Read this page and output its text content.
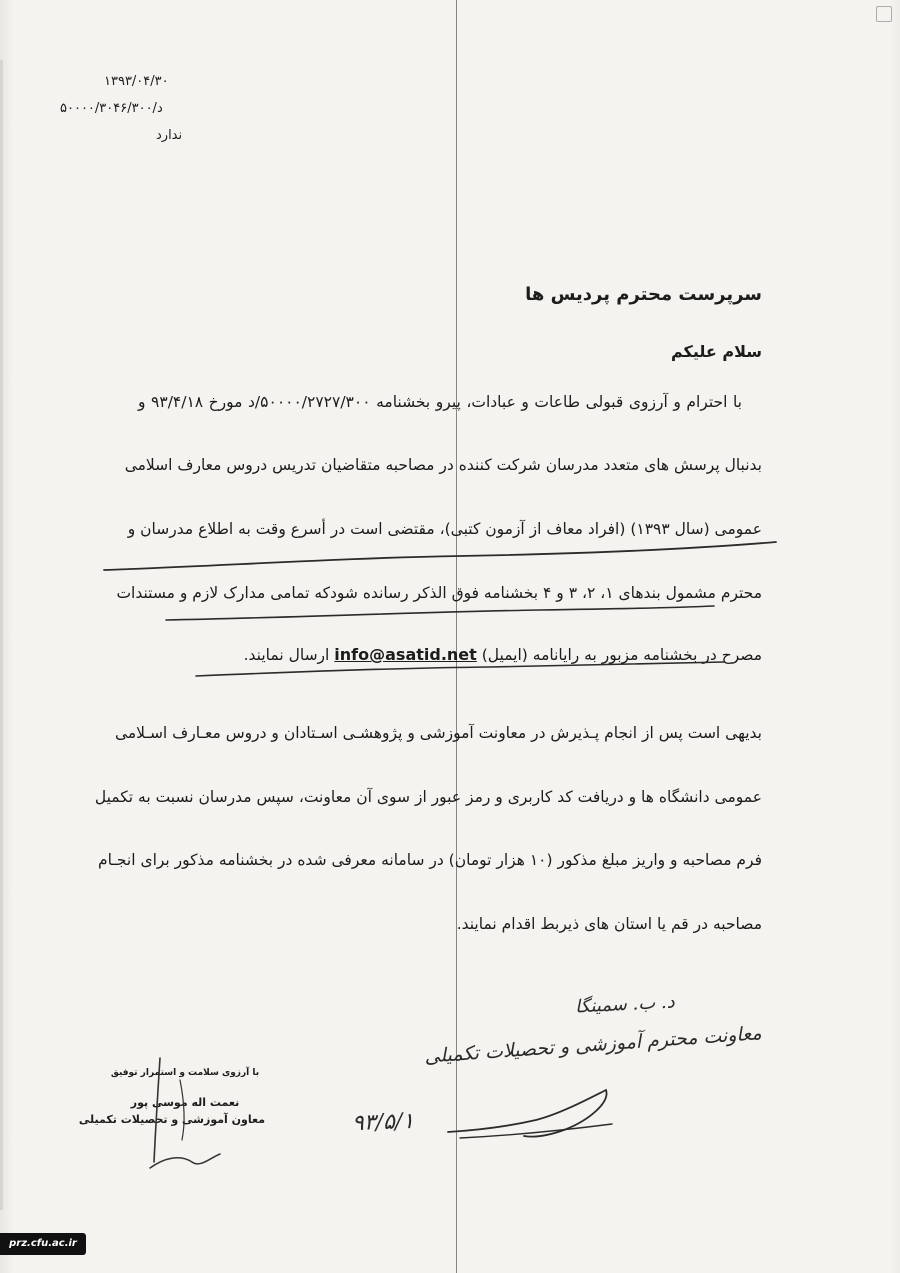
۱۳۹۳/۰۴/۳۰
۵۰۰۰۰/۳۰۴۶/۳۰۰/د
ندارد
سرپرست محترم پردیس ها
سلام علیکم
با احترام و آرزوی قبولی طاعات و عبادات، پیرو بخشنامه ۵۰۰۰۰/۲۷۲۷/۳۰۰/د مورخ ۹۳/۴/۱۸ و
بدنبال پرسش های متعدد مدرسان شرکت کننده در مصاحبه متقاضیان تدریس دروس معارف اسلامی
عمومی (سال ۱۳۹۳) (افراد معاف از آزمون کتبی)، مقتضی است در أسرع وقت به اطلاع مدرسان و
محترم مشمول بندهای ۱، ۲، ۳ و ۴ بخشنامه فوق الذکر رسانده شودکه تمامی مدارک لازم و مستندات
مصرح در بخشنامه مزبور به رایانامه (ایمیل) info@asatid.net ارسال نمایند.
بدیهی است پس از انجام پـذیرش در معاونت آموزشی و پژوهشـی اسـتادان و دروس معـارف اسـلامی
عمومی دانشگاه ها و دریافت کد کاربری و رمز عبور از سوی آن معاونت، سپس مدرسان نسبت به تکمیل
فرم مصاحبه و واریز مبلغ مذکور (۱۰ هزار تومان) در سامانه معرفی شده در بخشنامه مذکور برای انجـام
مصاحبه در قم یا استان های ذیربط اقدام نمایند.
د. ب. سمینگا
معاونت محترم آموزشی و تحصیلات تکمیلی
۹۳/۵/۱
با آرزوی سلامت و استمرار توفیق
نعمت اله موسی پور
معاون آموزشی و تحصیلات تکمیلی
prz.cfu.ac.ir
